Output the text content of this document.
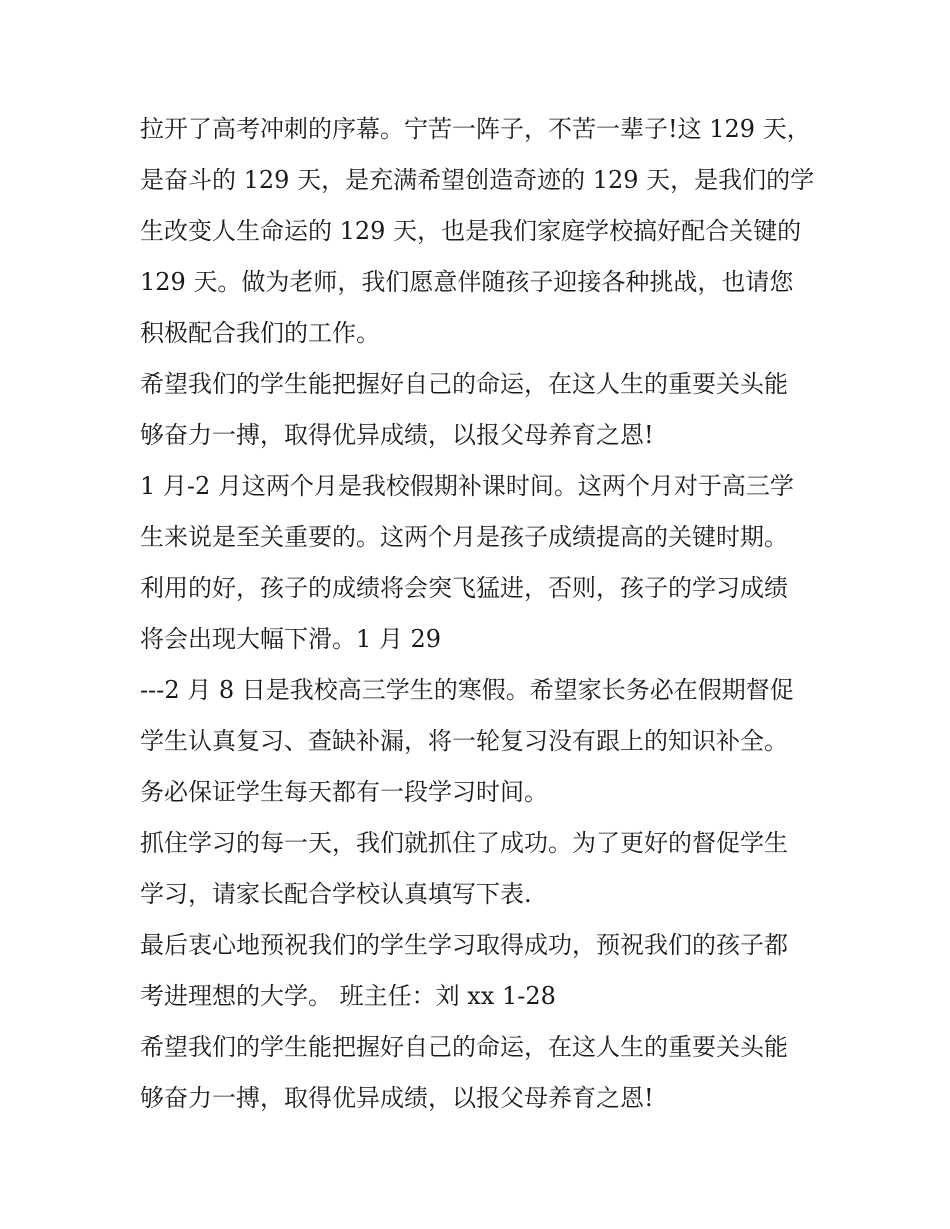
拉开了高考冲刺的序幕。宁苦一阵子，不苦一辈子!这 129 天，
是奋斗的 129 天，是充满希望创造奇迹的 129 天，是我们的学
生改变人生命运的 129 天，也是我们家庭学校搞好配合关键的
129 天。做为老师，我们愿意伴随孩子迎接各种挑战，也请您
积极配合我们的工作。
希望我们的学生能把握好自己的命运，在这人生的重要关头能
够奋力一搏，取得优异成绩，以报父母养育之恩!
1 月-2 月这两个月是我校假期补课时间。这两个月对于高三学
生来说是至关重要的。这两个月是孩子成绩提高的关键时期。
利用的好，孩子的成绩将会突飞猛进，否则，孩子的学习成绩
将会出现大幅下滑。1 月 29
---2 月 8 日是我校高三学生的寒假。希望家长务必在假期督促
学生认真复习、查缺补漏，将一轮复习没有跟上的知识补全。
务必保证学生每天都有一段学习时间。
抓住学习的每一天，我们就抓住了成功。为了更好的督促学生
学习，请家长配合学校认真填写下表.
最后衷心地预祝我们的学生学习取得成功，预祝我们的孩子都
考进理想的大学。 班主任：刘 xx 1-28
希望我们的学生能把握好自己的命运，在这人生的重要关头能
够奋力一搏，取得优异成绩，以报父母养育之恩!
